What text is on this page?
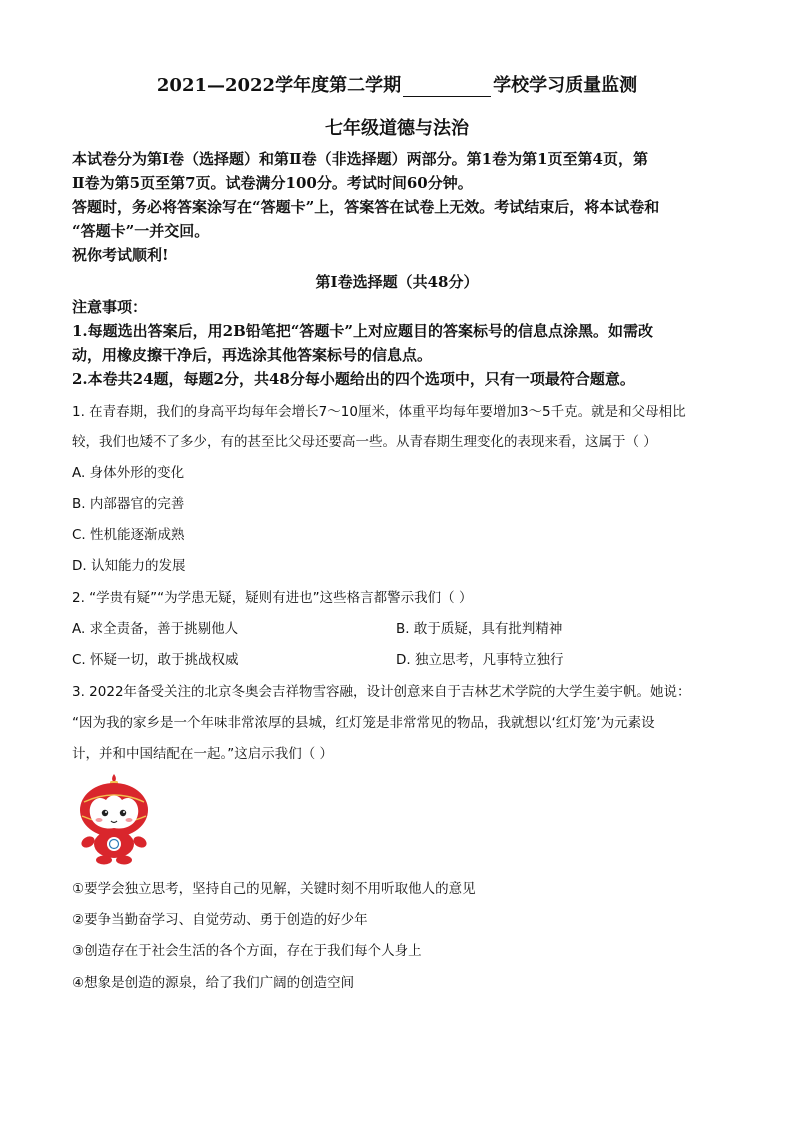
2021—2022学年度第二学期	学校学习质量监测
七年级道德与法治
本试卷分为第Ⅰ卷（选择题）和第Ⅱ卷（非选择题）两部分。第1卷为第1页至第4页，第
Ⅱ卷为第5页至第7页。试卷满分100分。考试时间60分钟。
答题时，务必将答案涂写在“答题卡”上，答案答在试卷上无效。考试结束后，将本试卷和
“答题卡”一并交回。
祝你考试顺利!
第Ⅰ卷选择题（共48分）
注意事项：
1.每题选出答案后，用2B铅笔把“答题卡”上对应题目的答案标号的信息点涂黑。如需改
动，用橡皮擦干净后，再选涂其他答案标号的信息点。
2.本卷共24题，每题2分，共48分每小题给出的四个选项中，只有一项最符合题意。
1. 在青春期，我们的身高平均每年会增长7～10厘米，体重平均每年要增加3～5千克。就是和父母相比
较，我们也矮不了多少，有的甚至比父母还要高一些。从青春期生理变化的表现来看，这属于（ ）
A. 身体外形的变化
B. 内部器官的完善
C. 性机能逐渐成熟
D. 认知能力的发展
2. “学贵有疑”“为学患无疑，疑则有进也”这些格言都警示我们（ ）
A. 求全责备，善于挑剔他人	B. 敢于质疑，具有批判精神
C. 怀疑一切，敢于挑战权威	D. 独立思考，凡事特立独行
3. 2022年备受关注的北京冬奥会吉祥物雪容融，设计创意来自于吉林艺术学院的大学生姜宇帆。她说：
“因为我的家乡是一个年味非常浓厚的县城，红灯笼是非常常见的物品，我就想以‘红灯笼’为元素设
计，并和中国结配在一起。”这启示我们（ ）
①要学会独立思考，坚持自己的见解，关键时刻不用听取他人的意见
②要争当勤奋学习、自觉劳动、勇于创造的好少年
③创造存在于社会生活的各个方面，存在于我们每个人身上
④想象是创造的源泉，给了我们广阔的创造空间
